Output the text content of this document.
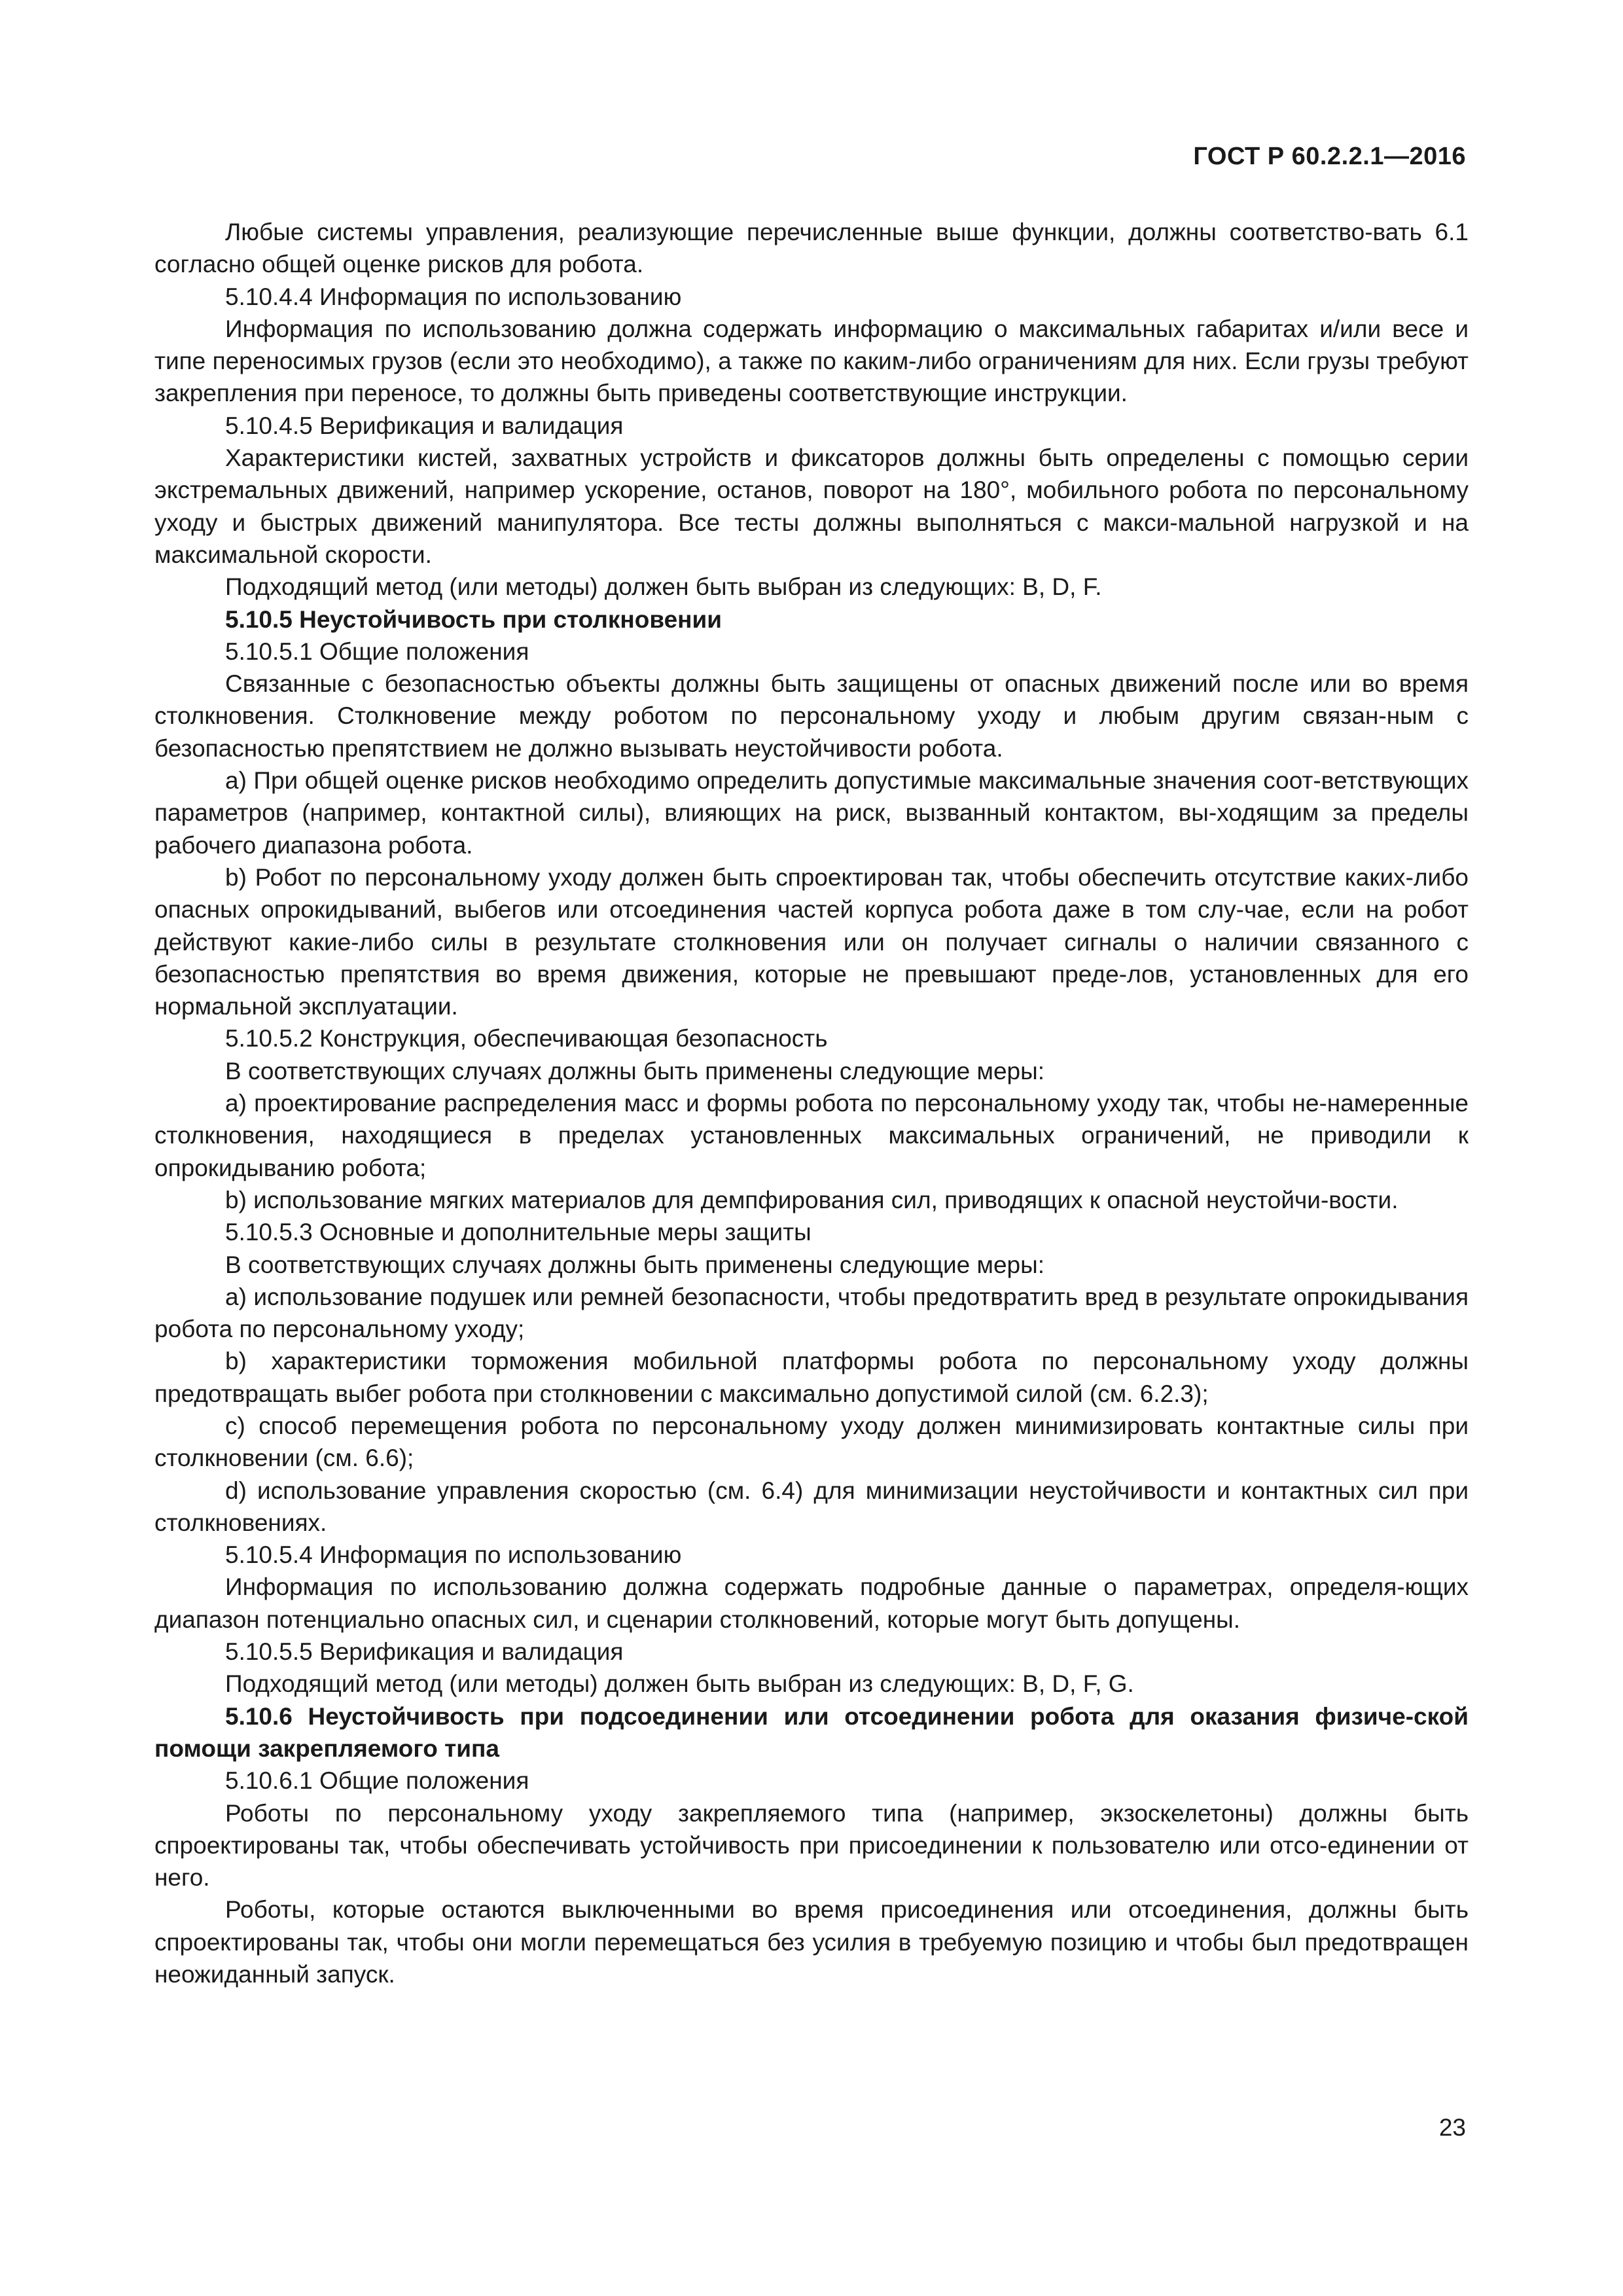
ГОСТ Р 60.2.2.1—2016

Любые системы управления, реализующие перечисленные выше функции, должны соответство-вать 6.1 согласно общей оценке рисков для робота.

5.10.4.4 Информация по использованию

Информация по использованию должна содержать информацию о максимальных габаритах и/или весе и типе переносимых грузов (если это необходимо), а также по каким-либо ограничениям для них. Если грузы требуют закрепления при переносе, то должны быть приведены соответствующие инструкции.

5.10.4.5 Верификация и валидация

Характеристики кистей, захватных устройств и фиксаторов должны быть определены с помощью серии экстремальных движений, например ускорение, останов, поворот на 180°, мобильного робота по персональному уходу и быстрых движений манипулятора. Все тесты должны выполняться с макси-мальной нагрузкой и на максимальной скорости.

Подходящий метод (или методы) должен быть выбран из следующих: В, D, F.

5.10.5 Неустойчивость при столкновении

5.10.5.1 Общие положения

Связанные с безопасностью объекты должны быть защищены от опасных движений после или во время столкновения. Столкновение между роботом по персональному уходу и любым другим связан-ным с безопасностью препятствием не должно вызывать неустойчивости робота.

a) При общей оценке рисков необходимо определить допустимые максимальные значения соот-ветствующих параметров (например, контактной силы), влияющих на риск, вызванный контактом, вы-ходящим за пределы рабочего диапазона робота.

b) Робот по персональному уходу должен быть спроектирован так, чтобы обеспечить отсутствие каких-либо опасных опрокидываний, выбегов или отсоединения частей корпуса робота даже в том слу-чае, если на робот действуют какие-либо силы в результате столкновения или он получает сигналы о наличии связанного с безопасностью препятствия во время движения, которые не превышают преде-лов, установленных для его нормальной эксплуатации.

5.10.5.2 Конструкция, обеспечивающая безопасность

В соответствующих случаях должны быть применены следующие меры:

a) проектирование распределения масс и формы робота по персональному уходу так, чтобы не-намеренные столкновения, находящиеся в пределах установленных максимальных ограничений, не приводили к опрокидыванию робота;

b) использование мягких материалов для демпфирования сил, приводящих к опасной неустойчи-вости.

5.10.5.3 Основные и дополнительные меры защиты

В соответствующих случаях должны быть применены следующие меры:

a) использование подушек или ремней безопасности, чтобы предотвратить вред в результате опрокидывания робота по персональному уходу;

b) характеристики торможения мобильной платформы робота по персональному уходу должны предотвращать выбег робота при столкновении с максимально допустимой силой (см. 6.2.3);

c) способ перемещения робота по персональному уходу должен минимизировать контактные силы при столкновении (см. 6.6);

d) использование управления скоростью (см. 6.4) для минимизации неустойчивости и контактных сил при столкновениях.

5.10.5.4 Информация по использованию

Информация по использованию должна содержать подробные данные о параметрах, определя-ющих диапазон потенциально опасных сил, и сценарии столкновений, которые могут быть допущены.

5.10.5.5 Верификация и валидация

Подходящий метод (или методы) должен быть выбран из следующих: В, D, F, G.

5.10.6 Неустойчивость при подсоединении или отсоединении робота для оказания физиче-ской помощи закрепляемого типа

5.10.6.1 Общие положения

Роботы по персональному уходу закрепляемого типа (например, экзоскелетоны) должны быть спроектированы так, чтобы обеспечивать устойчивость при присоединении к пользователю или отсо-единении от него.

Роботы, которые остаются выключенными во время присоединения или отсоединения, должны быть спроектированы так, чтобы они могли перемещаться без усилия в требуемую позицию и чтобы был предотвращен неожиданный запуск.

23
